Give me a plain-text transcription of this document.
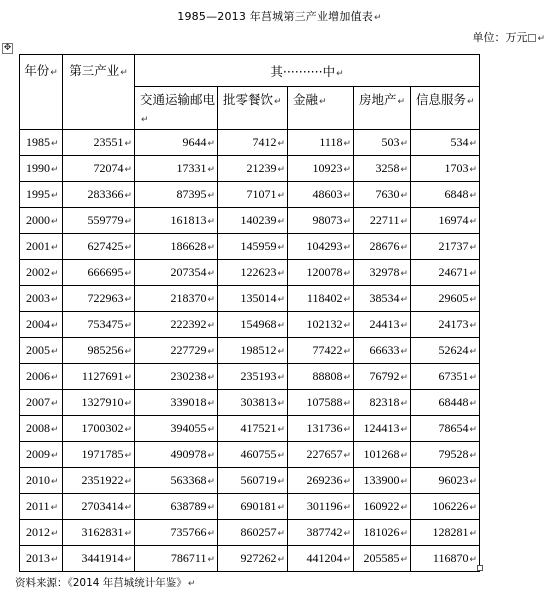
1985—2013 年莒城第三产业增加值表↵
单位：万元 ↵
✥
年份↵	第三产业↵	其··········中↵				
		交通运输邮电↵	批零餐饮↵	金融↵	房地产↵	信息服务↵
1985↵	23551↵	9644↵	7412↵	1118↵	503↵	534↵
1990↵	72074↵	17331↵	21239↵	10923↵	3258↵	1703↵
1995↵	283366↵	87395↵	71071↵	48603↵	7630↵	6848↵
2000↵	559779↵	161813↵	140239↵	98073↵	22711↵	16974↵
2001↵	627425↵	186628↵	145959↵	104293↵	28676↵	21737↵
2002↵	666695↵	207354↵	122623↵	120078↵	32978↵	24671↵
2003↵	722963↵	218370↵	135014↵	118402↵	38534↵	29605↵
2004↵	753475↵	222392↵	154968↵	102132↵	24413↵	24173↵
2005↵	985256↵	227729↵	198512↵	77422↵	66633↵	52624↵
2006↵	1127691↵	230238↵	235193↵	88808↵	76792↵	67351↵
2007↵	1327910↵	339018↵	303813↵	107588↵	82318↵	68448↵
2008↵	1700302↵	394055↵	417521↵	131736↵	124413↵	78654↵
2009↵	1971785↵	490978↵	460755↵	227657↵	101268↵	79528↵
2010↵	2351922↵	563368↵	560719↵	269236↵	133900↵	96023↵
2011↵	2703414↵	638789↵	690181↵	301196↵	160922↵	106226↵
2012↵	3162831↵	735766↵	860257↵	387742↵	181026↵	128281↵
2013↵	3441914↵	786711↵	927262↵	441204↵	205585↵	116870↵
资料来源：《2014 年莒城统计年鉴》↵
